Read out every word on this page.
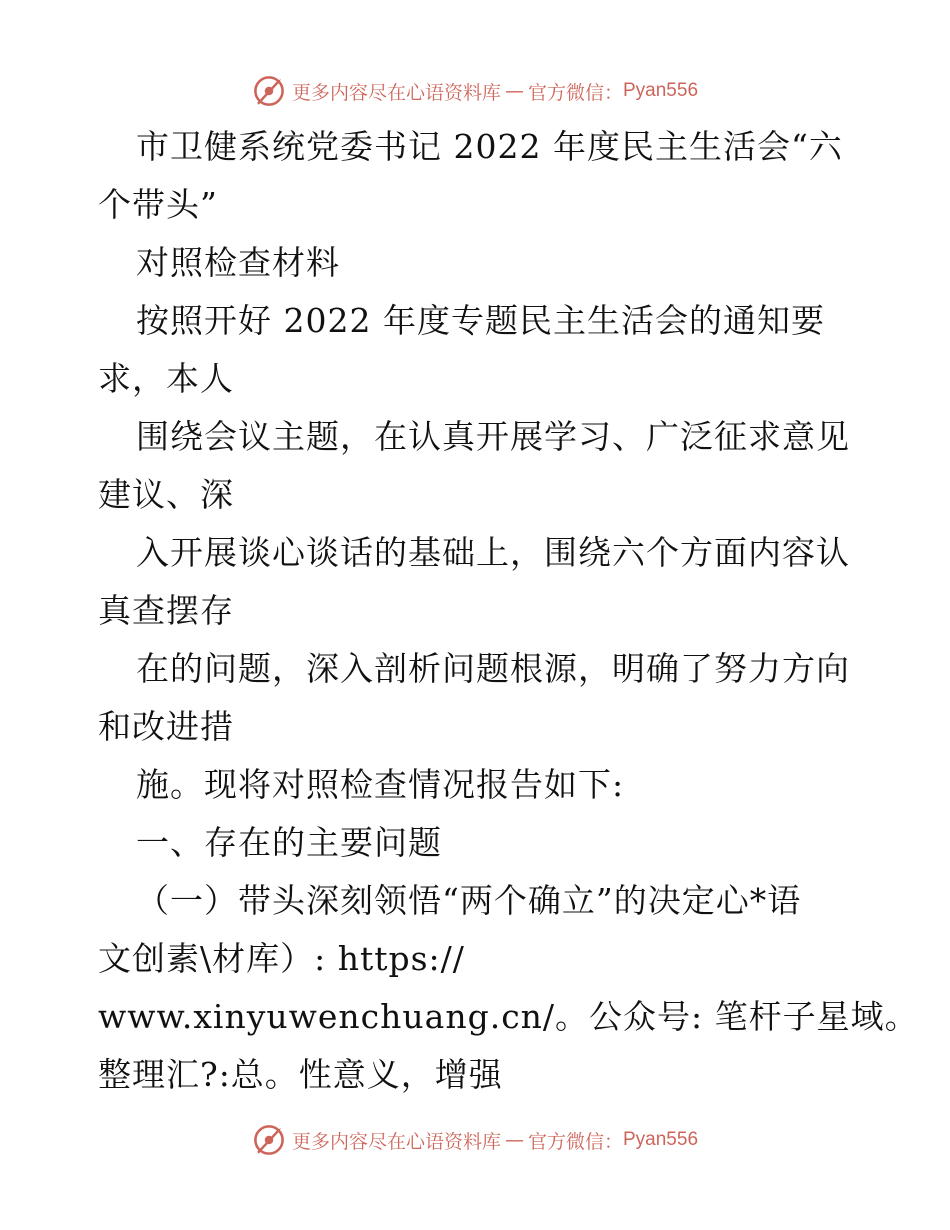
更多内容尽在心语资料库 — 官方微信： Pyan556
市卫健系统党委书记 2022 年度民主生活会“六
个带头”
对照检查材料
按照开好 2022 年度专题民主生活会的通知要
求，本人
围绕会议主题，在认真开展学习、广泛征求意见
建议、深
入开展谈心谈话的基础上，围绕六个方面内容认
真查摆存
在的问题，深入剖析问题根源，明确了努力方向
和改进措
施。现将对照检查情况报告如下:
一、存在的主要问题
（一）带头深刻领悟“两个确立”的决定心*语
文创素\材库）: https://
www.xinyuwenchuang.cn/。公众号: 笔杆子星域。
整理汇?:总。性意义，增强
更多内容尽在心语资料库 — 官方微信： Pyan556
